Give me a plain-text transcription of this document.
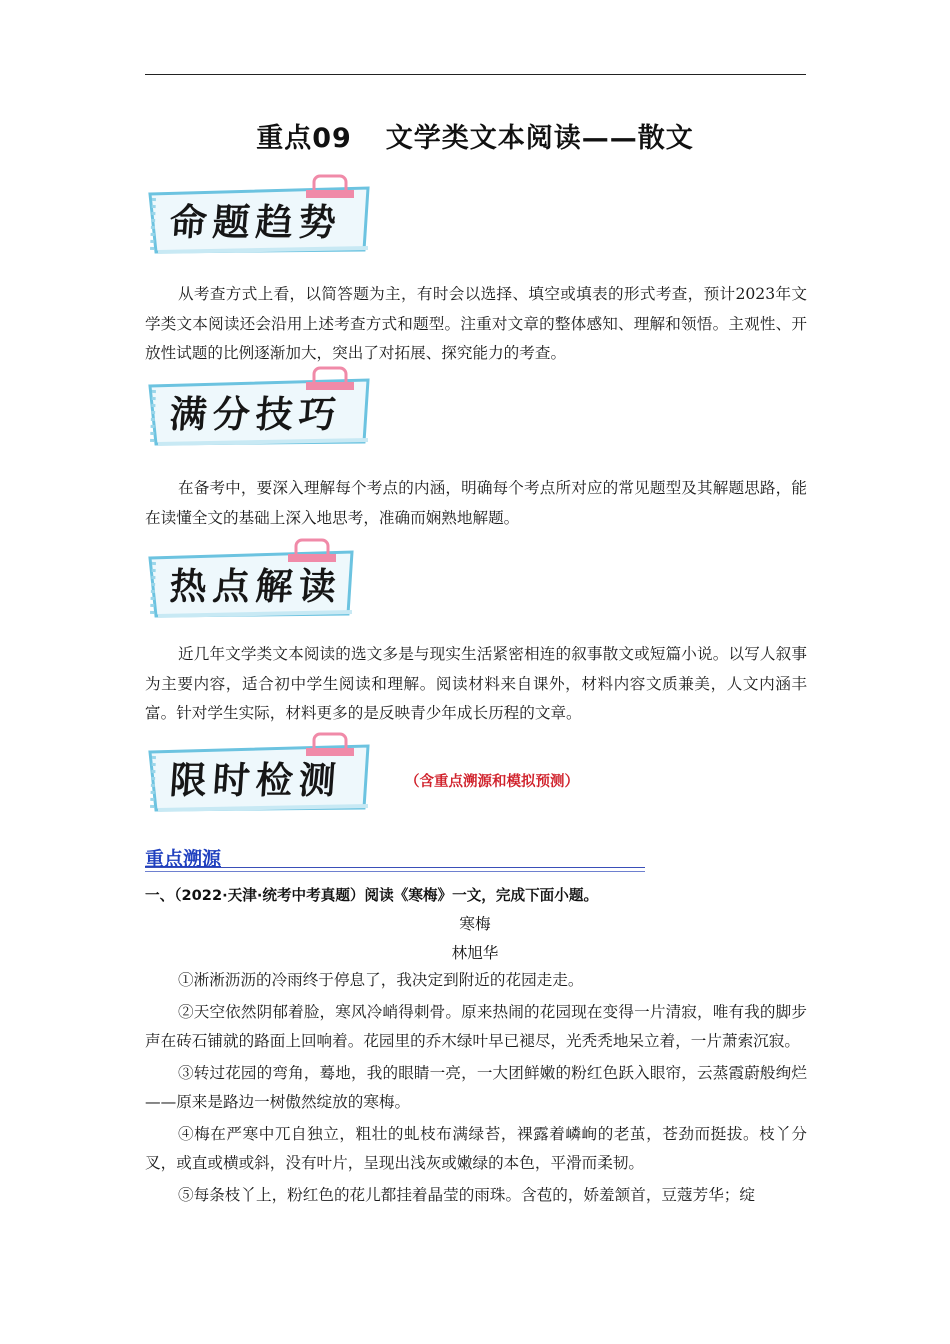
重点09 文学类文本阅读——散文
命题趋势
从考查方式上看，以简答题为主，有时会以选择、填空或填表的形式考查，预计2023年文学类文本阅读还会沿用上述考查方式和题型。注重对文章的整体感知、理解和领悟。主观性、开放性试题的比例逐渐加大，突出了对拓展、探究能力的考查。
满分技巧
在备考中，要深入理解每个考点的内涵，明确每个考点所对应的常见题型及其解题思路，能在读懂全文的基础上深入地思考，准确而娴熟地解题。
热点解读
近几年文学类文本阅读的选文多是与现实生活紧密相连的叙事散文或短篇小说。以写人叙事为主要内容，适合初中学生阅读和理解。阅读材料来自课外，材料内容文质兼美，人文内涵丰富。针对学生实际，材料更多的是反映青少年成长历程的文章。
限时检测	（含重点溯源和模拟预测）
重点溯源
一、（2022·天津·统考中考真题）阅读《寒梅》一文，完成下面小题。
寒梅
林旭华

①淅淅沥沥的冷雨终于停息了，我决定到附近的花园走走。

②天空依然阴郁着脸，寒风冷峭得刺骨。原来热闹的花园现在变得一片清寂，唯有我的脚步声在砖石铺就的路面上回响着。花园里的乔木绿叶早已褪尽，光秃秃地呆立着，一片萧索沉寂。

③转过花园的弯角，蓦地，我的眼睛一亮，一大团鲜嫩的粉红色跃入眼帘，云蒸霞蔚般绚烂——原来是路边一树傲然绽放的寒梅。

④梅在严寒中兀自独立，粗壮的虬枝布满绿苔，裸露着嶙峋的老茧，苍劲而挺拔。枝丫分叉，或直或横或斜，没有叶片，呈现出浅灰或嫩绿的本色，平滑而柔韧。

⑤每条枝丫上，粉红色的花儿都挂着晶莹的雨珠。含苞的，娇羞颔首，豆蔻芳华；绽
